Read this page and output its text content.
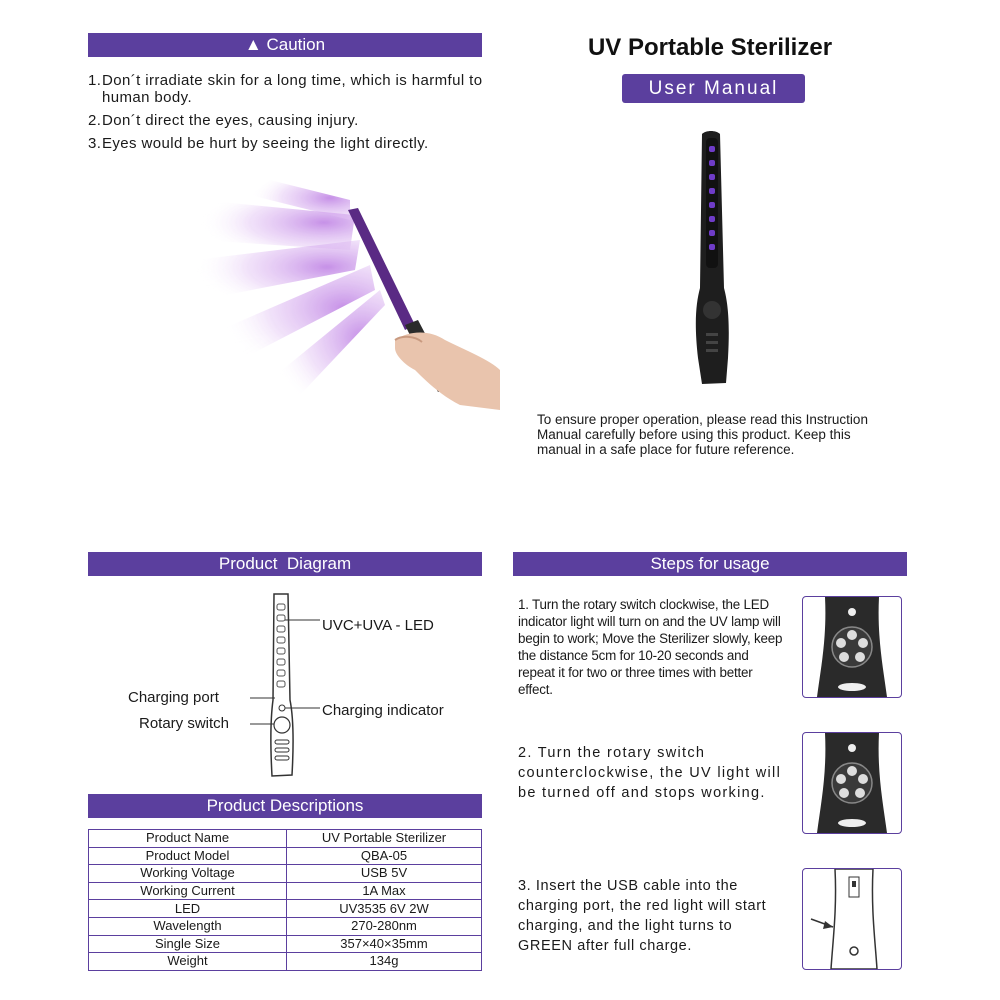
▲ Caution
1. Don´t irradiate skin for a long time, which is harmful to human body.
2. Don´t direct the eyes, causing injury.
3. Eyes would be hurt by seeing the light directly.
UV Portable Sterilizer
User Manual
To ensure proper operation, please read this Instruction Manual carefully before using this product. Keep this manual in a safe place for future reference.
Product  Diagram
UVC+UVA - LED
Charging port
Rotary switch
Charging indicator
Product Descriptions
Product Name	UV Portable Sterilizer
Product Model	QBA-05
Working Voltage	USB 5V
Working Current	1A Max
LED	UV3535 6V 2W
Wavelength	270-280nm
Single Size	357×40×35mm
Weight	134g
Steps for usage
1. Turn the rotary switch clockwise, the LED indicator light will turn on and the UV lamp will begin to work; Move the Sterilizer slowly, keep the distance 5cm for 10-20 seconds and repeat it for two or three times with better effect.
2. Turn the rotary switch counterclockwise, the UV light will be turned off and stops working.
3. Insert the USB cable into the charging port, the red light will start charging, and the light turns to GREEN after full charge.
